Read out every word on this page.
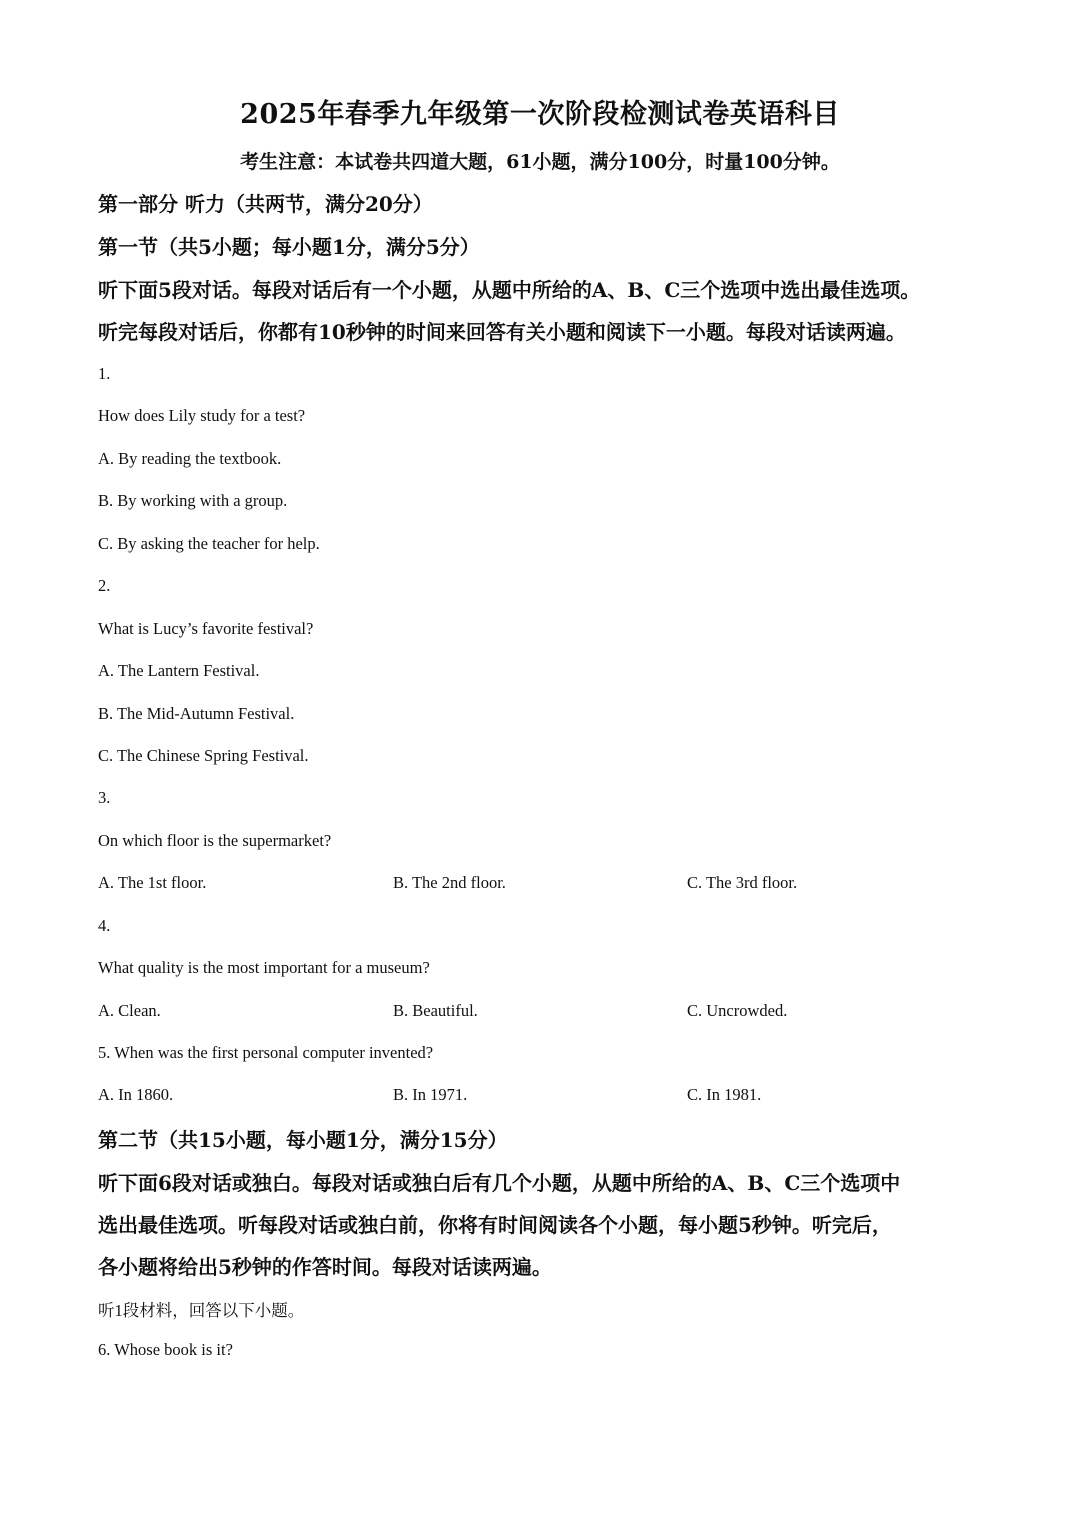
2025年春季九年级第一次阶段检测试卷英语科目
考生注意：本试卷共四道大题，61小题，满分100分，时量100分钟。
第一部分 听力（共两节，满分20分）
第一节（共5小题；每小题1分，满分5分）
听下面5段对话。每段对话后有一个小题，从题中所给的A、B、C三个选项中选出最佳选项。
听完每段对话后，你都有10秒钟的时间来回答有关小题和阅读下一小题。每段对话读两遍。
1.
How does Lily study for a test?
A. By reading the textbook.
B. By working with a group.
C. By asking the teacher for help.
2.
What is Lucy’s favorite festival?
A. The Lantern Festival.
B. The Mid-Autumn Festival.
C. The Chinese Spring Festival.
3.
On which floor is the supermarket?
A. The 1st floor.	B. The 2nd floor.	C. The 3rd floor.
4.
What quality is the most important for a museum?
A. Clean.	B. Beautiful.	C. Uncrowded.
5. When was the first personal computer invented?
A. In 1860.	B. In 1971.	C. In 1981.
第二节（共15小题，每小题1分，满分15分）
听下面6段对话或独白。每段对话或独白后有几个小题，从题中所给的A、B、C三个选项中
选出最佳选项。听每段对话或独白前，你将有时间阅读各个小题，每小题5秒钟。听完后，
各小题将给出5秒钟的作答时间。每段对话读两遍。
听1段材料，回答以下小题。
6. Whose book is it?
